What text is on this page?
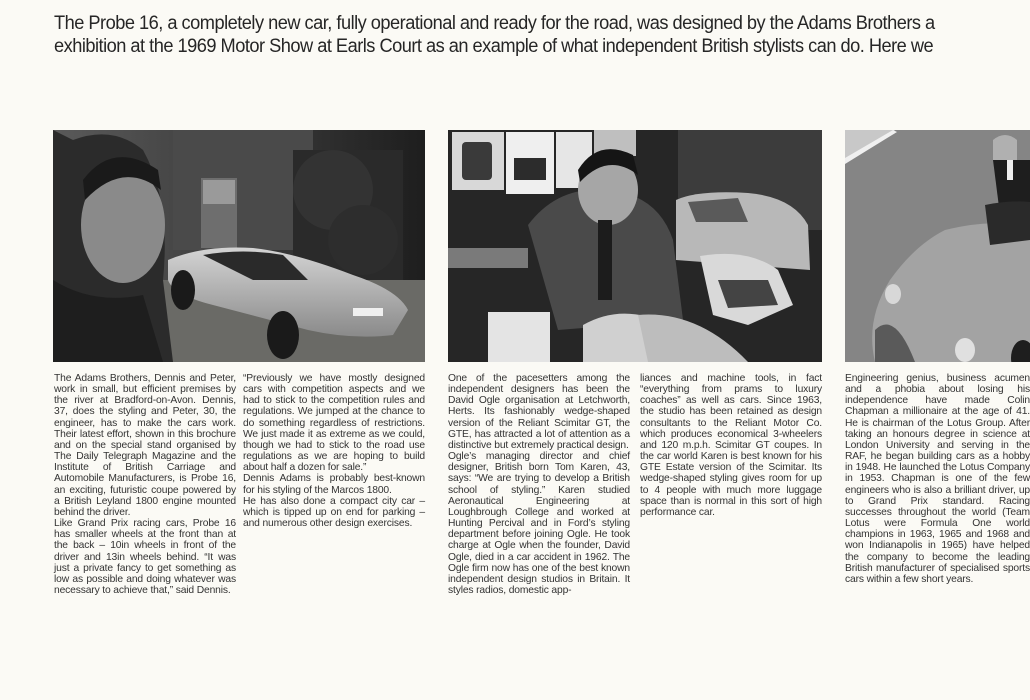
The Probe 16, a completely new car, fully operational and ready for the road, was designed by the Adams Brothers a
exhibition at the 1969 Motor Show at Earls Court as an example of what independent British stylists can do. Here we

The Adams Brothers, Dennis and Peter, work in small, but efficient premises by the river at Bradford-on-Avon. Dennis, 37, does the styling and Peter, 30, the engineer, has to make the cars work. Their latest effort, shown in this brochure and on the special stand organised by The Daily Telegraph Magazine and the Institute of British Carriage and Automobile Manufacturers, is Probe 16, an exciting, futuristic coupe powered by a British Leyland 1800 engine mounted behind the driver.

Like Grand Prix racing cars, Probe 16 has smaller wheels at the front than at the back – 10in wheels in front of the driver and 13in wheels behind. “It was just a private fancy to get something as low as possible and doing whatever was necessary to achieve that,” said Dennis.

“Previously we have mostly designed cars with competition aspects and we had to stick to the competition rules and regulations. We jumped at the chance to do something regardless of restrictions. We just made it as extreme as we could, though we had to stick to the road use regulations as we are hoping to build about half a dozen for sale.”

Dennis Adams is probably best-known for his styling of the Marcos 1800.

He has also done a compact city car – which is tipped up on end for parking – and numerous other design exercises.

One of the pacesetters among the independent designers has been the David Ogle organisation at Letchworth, Herts. Its fashionably wedge-shaped version of the Reliant Scimitar GT, the GTE, has attracted a lot of attention as a distinctive but extremely practical design.

Ogle’s managing director and chief designer, British born Tom Karen, 43, says: “We are trying to develop a British school of styling.” Karen studied Aeronautical Engineering at Loughbrough College and worked at Hunting Percival and in Ford’s styling department before joining Ogle. He took charge at Ogle when the founder, David Ogle, died in a car accident in 1962. The Ogle firm now has one of the best known independent design studios in Britain. It styles radios, domestic app-

liances and machine tools, in fact “everything from prams to luxury coaches” as well as cars. Since 1963, the studio has been retained as design consultants to the Reliant Motor Co. which produces economical 3-wheelers and 120 m.p.h. Scimitar GT coupes. In the car world Karen is best known for his GTE Estate version of the Scimitar. Its wedge-shaped styling gives room for up to 4 people with much more luggage space than is normal in this sort of high performance car.

Engineering genius, business acumen and a phobia about losing his independence have made Colin Chapman a millionaire at the age of 41. He is chairman of the Lotus Group. After taking an honours degree in science at London University and serving in the RAF, he began building cars as a hobby in 1948. He launched the Lotus Company in 1953. Chapman is one of the few engineers who is also a brilliant driver, up to Grand Prix standard. Racing successes throughout the world (Team Lotus were Formula One world champions in 1963, 1965 and 1968 and won Indianapolis in 1965) have helped the company to become the leading British manufacturer of specialised sports cars within a few short years.
